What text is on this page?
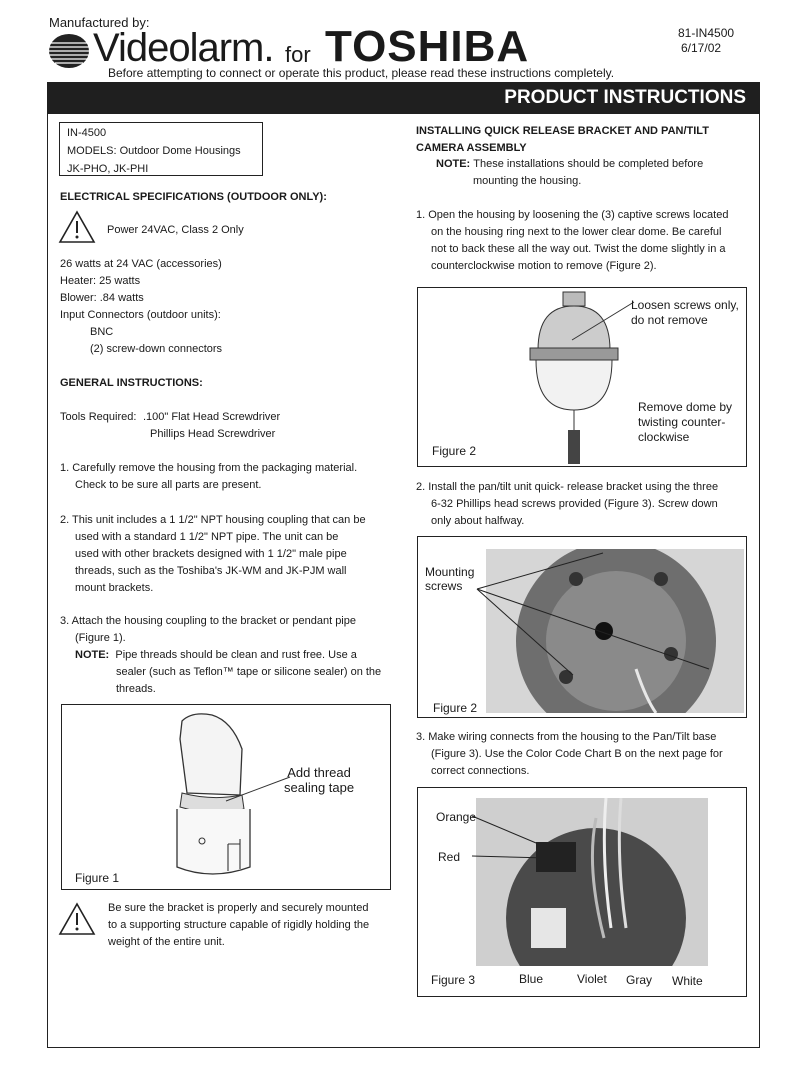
Manufactured by:
Videolarm. for TOSHIBA	81-IN4500
6/17/02
Before attempting to connect or operate this product, please read these instructions completely.
PRODUCT INSTRUCTIONS
IN-4500
MODELS: Outdoor Dome Housings
JK-PHO, JK-PHI
ELECTRICAL SPECIFICATIONS (OUTDOOR ONLY):
Power 24VAC, Class 2 Only
26 watts at 24 VAC (accessories)
Heater: 25 watts
Blower: .84 watts
Input Connectors (outdoor units):
BNC
(2) screw-down connectors
GENERAL INSTRUCTIONS:
Tools Required: .100" Flat Head Screwdriver
Phillips Head Screwdriver
1. Carefully remove the housing from the packaging material.
Check to be sure all parts are present.
2. This unit includes a 1 1/2" NPT housing coupling that can be
used with a standard 1 1/2" NPT pipe. The unit can be
used with other brackets designed with 1 1/2" male pipe
threads, such as the Toshiba's JK-WM and JK-PJM wall
mount brackets.
3. Attach the housing coupling to the bracket or pendant pipe
(Figure 1).
NOTE: Pipe threads should be clean and rust free. Use a
sealer (such as Teflon™ tape or silicone sealer) on the
threads.
Add thread
sealing tape
Figure 1
Be sure the bracket is properly and securely mounted
to a supporting structure capable of rigidly holding the
weight of the entire unit.
INSTALLING QUICK RELEASE BRACKET AND PAN/TILT
CAMERA ASSEMBLY
NOTE: These installations should be completed before
mounting the housing.
1. Open the housing by loosening the (3) captive screws located
on the housing ring next to the lower clear dome. Be careful
not to back these all the way out. Twist the dome slightly in a
counterclockwise motion to remove (Figure 2).
Loosen screws only,
do not remove
Remove dome by
twisting counter-
clockwise
Figure 2
2. Install the pan/tilt unit quick- release bracket using the three
6-32 Phillips head screws provided (Figure 3). Screw down
only about halfway.
Mounting
screws
Figure 2
3. Make wiring connects from the housing to the Pan/Tilt base
(Figure 3). Use the Color Code Chart B on the next page for
correct connections.
Orange
Red
Blue	Violet Gray White
Figure 3
